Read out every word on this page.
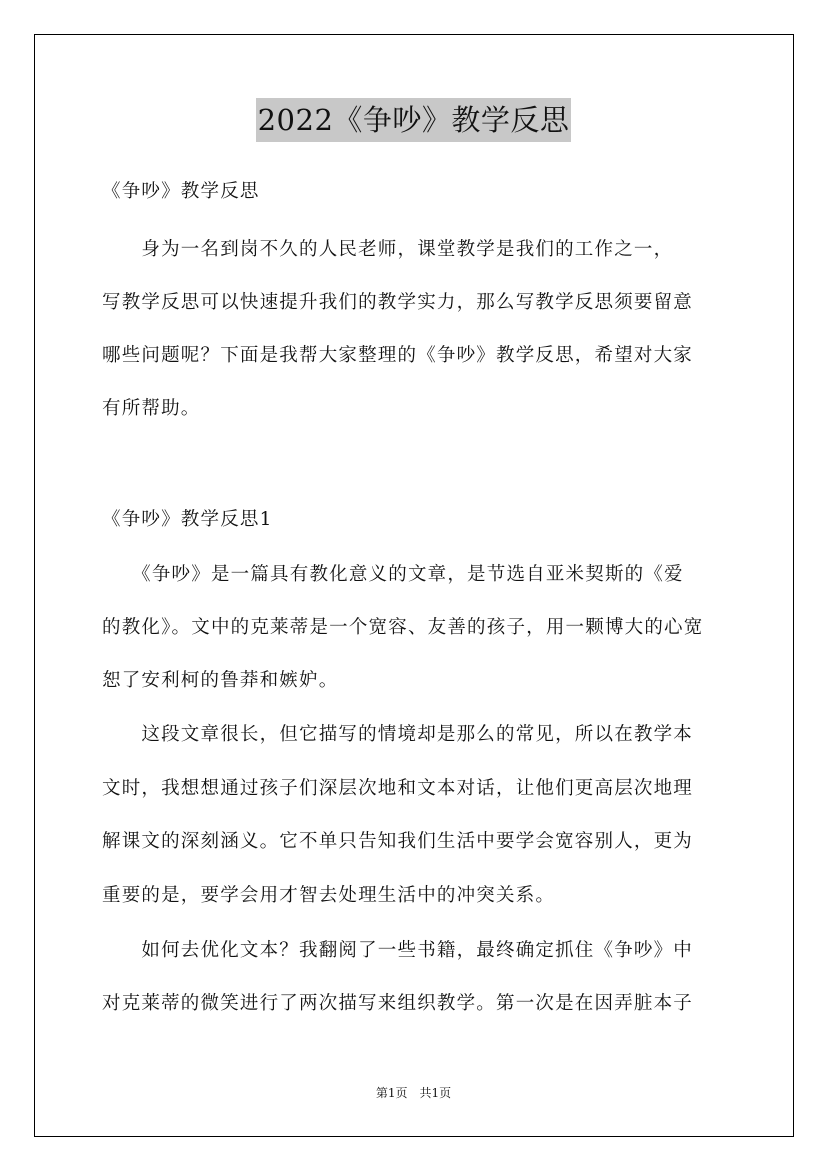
2022《争吵》教学反思
《争吵》教学反思
　　身为一名到岗不久的人民老师，课堂教学是我们的工作之一，
写教学反思可以快速提升我们的教学实力，那么写教学反思须要留意
哪些问题呢？下面是我帮大家整理的《争吵》教学反思，希望对大家
有所帮助。
《争吵》教学反思1
　　《争吵》是一篇具有教化意义的文章，是节选自亚米契斯的《爱
的教化》。文中的克莱蒂是一个宽容、友善的孩子，用一颗博大的心宽
恕了安利柯的鲁莽和嫉妒。
　　这段文章很长，但它描写的情境却是那么的常见，所以在教学本
文时，我想想通过孩子们深层次地和文本对话，让他们更高层次地理
解课文的深刻涵义。它不单只告知我们生活中要学会宽容别人，更为
重要的是，要学会用才智去处理生活中的冲突关系。
　　如何去优化文本？我翻阅了一些书籍，最终确定抓住《争吵》中
对克莱蒂的微笑进行了两次描写来组织教学。第一次是在因弄脏本子
第1页　共1页
